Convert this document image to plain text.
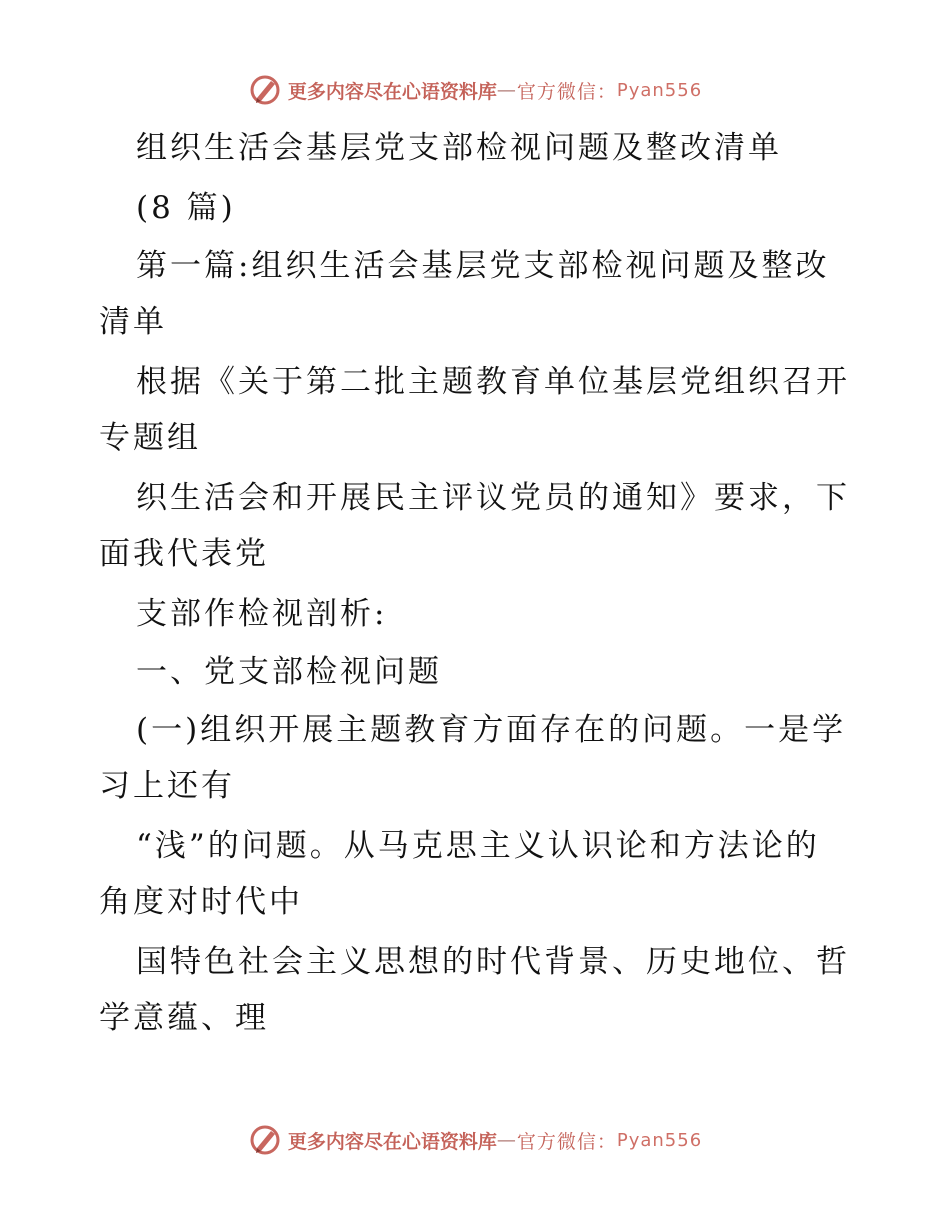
更多内容尽在心语资料库 — 官方微信： Pyan556
组织生活会基层党支部检视问题及整改清单
(8 篇)
第一篇:组织生活会基层党支部检视问题及整改
清单
根据《关于第二批主题教育单位基层党组织召开
专题组
织生活会和开展民主评议党员的通知》要求，下
面我代表党
支部作检视剖析:
一、党支部检视问题
(一)组织开展主题教育方面存在的问题。一是学
习上还有
“浅”的问题。从马克思主义认识论和方法论的
角度对时代中
国特色社会主义思想的时代背景、历史地位、哲
学意蕴、理
更多内容尽在心语资料库 — 官方微信： Pyan556
